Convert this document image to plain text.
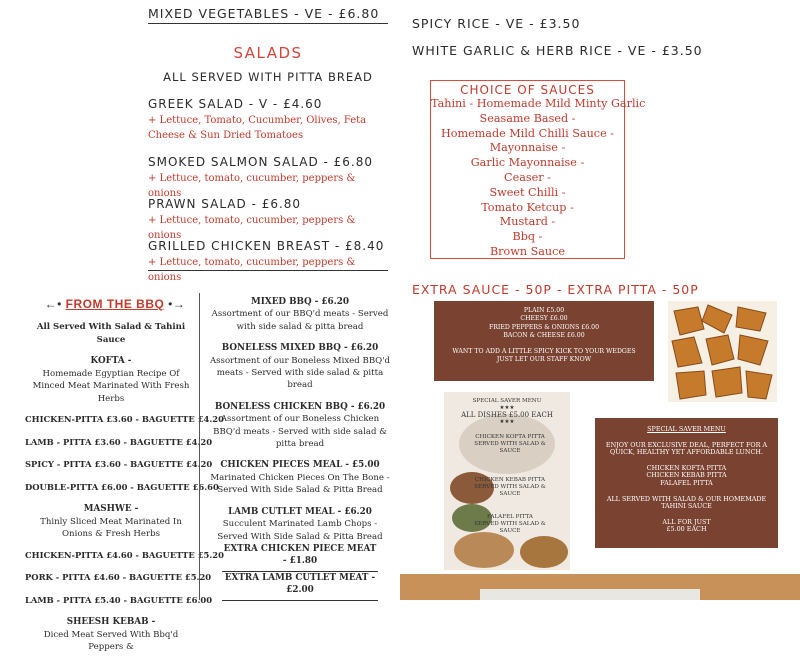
MIXED VEGETABLES - VE - £6.80
SALADS
ALL SERVED WITH PITTA BREAD
GREEK SALAD - V - £4.60
+ Lettuce, Tomato, Cucumber, Olives, Feta Cheese & Sun Dried Tomatoes
SMOKED SALMON SALAD - £6.80
+ Lettuce, tomato, cucumber, peppers & onions
PRAWN SALAD - £6.80
+ Lettuce, tomato, cucumber, peppers & onions
GRILLED CHICKEN BREAST - £8.40
+ Lettuce, tomato, cucumber, peppers & onions
SPICY RICE - VE - £3.50
WHITE GARLIC & HERB RICE - VE - £3.50
CHOICE OF SAUCES
Tahini - Homemade Mild Minty Garlic
Seasame Based -
Homemade Mild Chilli Sauce -
Mayonnaise -
Garlic Mayonnaise -
Ceaser -
Sweet Chilli -
Tomato Ketcup -
Mustard -
Bbq -
Brown Sauce
EXTRA SAUCE - 50P - EXTRA PITTA - 50P
←• FROM THE BBQ •→
All Served With Salad & Tahini Sauce
KOFTA -
Homemade Egyptian Recipe Of Minced Meat Marinated With Fresh Herbs
CHICKEN-PITTA £3.60 - BAGUETTE £4.20
LAMB - PITTA £3.60 - BAGUETTE £4.20
SPICY - PITTA £3.60 - BAGUETTE £4.20
DOUBLE-PITTA £6.00 - BAGUETTE £6.60
MASHWE -
Thinly Sliced Meat Marinated In Onions & Fresh Herbs
CHICKEN-PITTA £4.60 - BAGUETTE £5.20
PORK - PITTA £4.60 - BAGUETTE £5.20
LAMB - PITTA £5.40 - BAGUETTE £6.00
SHEESH KEBAB -
Diced Meat Served With Bbq'd Peppers &
MIXED BBQ - £6.20
Assortment of our BBQ'd meats - Served with side salad & pitta bread
BONELESS MIXED BBQ - £6.20
Assortment of our Boneless Mixed BBQ'd meats - Served with side salad & pitta bread
BONELESS CHICKEN BBQ - £6.20
Assortment of our Boneless Chicken BBQ'd meats - Served with side salad & pitta bread
CHICKEN PIECES MEAL - £5.00
Marinated Chicken Pieces On The Bone - Served With Side Salad & Pitta Bread
LAMB CUTLET MEAL - £6.20
Succulent Marinated Lamb Chops - Served With Side Salad & Pitta Bread
EXTRA CHICKEN PIECE MEAT - £1.80
EXTRA LAMB CUTLET MEAT - £2.00
PLAIN £5.00
CHEESY £6.00
FRIED PEPPERS & ONIONS £6.00
BACON & CHEESE £6.00
WANT TO ADD A LITTLE SPICY KICK TO YOUR WEDGES
JUST LET OUR STAFF KNOW
SPECIAL SAVER MENU
★★★
ALL DISHES £5.00 EACH
★★★
CHICKEN KOFTA PITTA SERVED WITH SALAD & SAUCE
CHICKEN KEBAB PITTA SERVED WITH SALAD & SAUCE
FALAFEL PITTA SERVED WITH SALAD & SAUCE
SPECIAL SAVER MENU
ENJOY OUR EXCLUSIVE DEAL, PERFECT FOR A QUICK, HEALTHY YET AFFORDABLE LUNCH.
CHICKEN KOFTA PITTA
CHICKEN KEBAB PITTA
FALAFEL PITTA
ALL SERVED WITH SALAD & OUR HOMEMADE TAHINI SAUCE
ALL FOR JUST
£5.00 EACH
